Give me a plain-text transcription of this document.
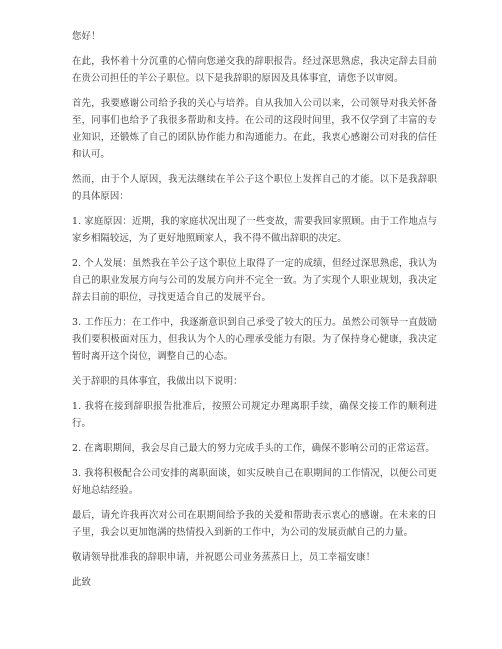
您好！

在此，我怀着十分沉重的心情向您递交我的辞职报告。经过深思熟虑，我决定辞去目前在贵公司担任的羊公子职位。以下是我辞职的原因及具体事宜，请您予以审阅。

首先，我要感谢公司给予我的关心与培养。自从我加入公司以来，公司领导对我关怀备至，同事们也给予了我很多帮助和支持。在公司的这段时间里，我不仅学到了丰富的专业知识，还锻炼了自己的团队协作能力和沟通能力。在此，我衷心感谢公司对我的信任和认可。

然而，由于个人原因，我无法继续在羊公子这个职位上发挥自己的才能。以下是我辞职的具体原因：

1. 家庭原因：近期，我的家庭状况出现了一些变故，需要我回家照顾。由于工作地点与家乡相隔较远，为了更好地照顾家人，我不得不做出辞职的决定。

2. 个人发展：虽然我在羊公子这个职位上取得了一定的成绩，但经过深思熟虑，我认为自己的职业发展方向与公司的发展方向并不完全一致。为了实现个人职业规划，我决定辞去目前的职位，寻找更适合自己的发展平台。

3. 工作压力：在工作中，我逐渐意识到自己承受了较大的压力。虽然公司领导一直鼓励我们要积极面对压力，但我认为个人的心理承受能力有限。为了保持身心健康，我决定暂时离开这个岗位，调整自己的心态。

关于辞职的具体事宜，我做出以下说明：

1. 我将在接到辞职报告批准后，按照公司规定办理离职手续，确保交接工作的顺利进行。

2. 在离职期间，我会尽自己最大的努力完成手头的工作，确保不影响公司的正常运营。

3. 我将积极配合公司安排的离职面谈，如实反映自己在职期间的工作情况，以便公司更好地总结经验。

最后，请允许我再次对公司在职期间给予我的关爱和帮助表示衷心的感谢。在未来的日子里，我会以更加饱满的热情投入到新的工作中，为公司的发展贡献自己的力量。

敬请领导批准我的辞职申请，并祝愿公司业务蒸蒸日上，员工幸福安康！

此致
